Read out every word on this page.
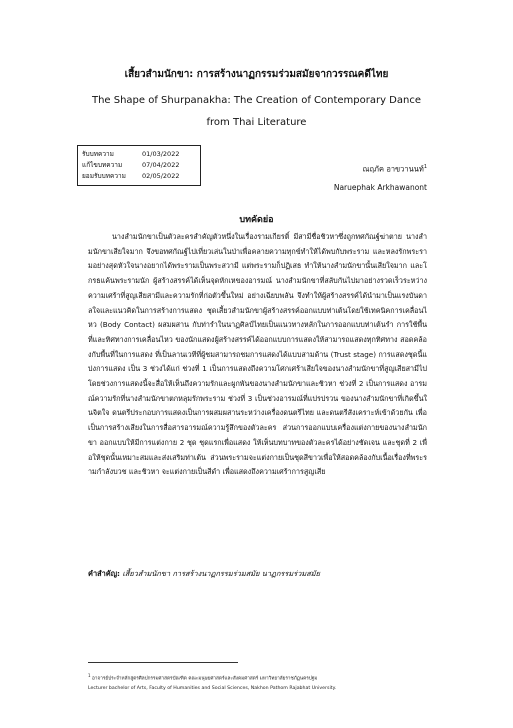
เสี้ยวสำมนักขา: การสร้างนาฏกรรมร่วมสมัยจากวรรณคดีไทย
The Shape of Shurpanakha: The Creation of Contemporary Dance
from Thai Literature
รับบทความ	01/03/2022
แก้ไขบทความ	07/04/2022
ยอมรับบทความ	02/05/2022
ณฤภัค อาขวานนท์$^1$
Naruephak Arkhawanont
บทคัดย่อ
นางสำมนักขาเป็นตัวละครสำคัญตัวหนึ่งในเรื่องรามเกียรติ์ มีสามีชื่อชิวหาซึ่งถูกทศกัณฐ์ฆ่าตาย นางสำมนักขาเสียใจมาก จึงขอทศกัณฐ์ไปเที่ยวเล่นในป่าเพื่อคลายความทุกข์ทำให้ได้พบกับพระราม และหลงรักพระรามอย่างสุดหัวใจนางอยากได้พระรามเป็นพระสวามี แต่พระรามก็ปฏิเสธ ทำให้นางสำมนักขานั้นเสียใจมาก และโกรธแค้นพระรามนัก ผู้สร้างสรรค์ได้เห็นจุดหักเหของอารมณ์ นางสำมนักขาที่สลับกันไปมาอย่างรวดเร็วระหว่างความเศร้าที่สูญเสียสามีและความรักที่ก่อตัวขึ้นใหม่ อย่างเฉียบพลัน จึงทำให้ผู้สร้างสรรค์ได้นำมาเป็นแรงบันดาลใจและแนวคิดในการสร้างการแสดง ชุดเสี้ยวสำมนักขาผู้สร้างสรรค์ออกแบบท่าเต้นโดยใช้เทคนิคการเคลื่อนไหว (Body Contact) ผสมผสาน กับท่ารำในนาฏศิลป์ไทยเป็นแนวทางหลักในการออกแบบท่าเต้นรำ การใช้พื้นที่และทิศทางการเคลื่อนไหว ของนักแสดงผู้สร้างสรรค์ได้ออกแบบการแสดงให้สามารถแสดงทุกทิศทาง สอดคล้องกับพื้นที่ในการแสดง ที่เป็นลานเวทีที่ผู้ชมสามารถชมการแสดงได้แบบสามด้าน (Trust stage) การแสดงชุดนี้แบ่งการแสดง เป็น 3 ช่วงได้แก่ ช่วงที่ 1 เป็นการแสดงถึงความโศกเศร้าเสียใจของนางสำมนักขาที่สูญเสียสามีไป โดยช่วงการแสดงนี้จะสื่อให้เห็นถึงความรักและผูกพันของนางสำมนักขาและชิวหา ช่วงที่ 2 เป็นการแสดง อารมณ์ความรักที่นางสำมนักขาตกหลุมรักพระราม ช่วงที่ 3 เป็นช่วงอารมณ์ที่แปรปรวน ของนางสำมนักขาที่เกิดขึ้นในจิตใจ ดนตรีประกอบการแสดงเป็นการผสมผสานระหว่างเครื่องดนตรีไทย และดนตรีสังเคราะห์เข้าด้วยกัน เพื่อเป็นการสร้างเสียงในการสื่อสารอารมณ์ความรู้สึกของตัวละคร ส่วนการออกแบบเครื่องแต่งกายของนางสำมนักขา ออกแบบให้มีการแต่งกาย 2 ชุด ชุดแรกเพื่อแสดง ให้เห็นบทบาทของตัวละครได้อย่างชัดเจน และชุดที่ 2 เพื่อให้ชุดนั้นเหมาะสมและส่งเสริมท่าเต้น ส่วนพระรามจะแต่งกายเป็นชุดสีขาวเพื่อให้สอดคล้องกับเนื้อเรื่องที่พระรามกำลังบวช และชิวหา จะแต่งกายเป็นสีดำ เพื่อแสดงถึงความเศร้าการสูญเสีย
คำสำคัญ: เสี้ยวสำมนักขา การสร้างนาฏกรรมร่วมสมัย นาฏกรรมร่วมสมัย
$^1$ อาจารย์ประจำหลักสูตรศิลปกรรมศาสตรบัณฑิต คณะมนุษยศาสตร์และสังคมศาสตร์ มหาวิทยาลัยราชภัฏนครปฐม
Lecturer bachelor of Arts, Faculty of Humanities and Social Sciences, Nakhon Pathom Rajabhat University.
